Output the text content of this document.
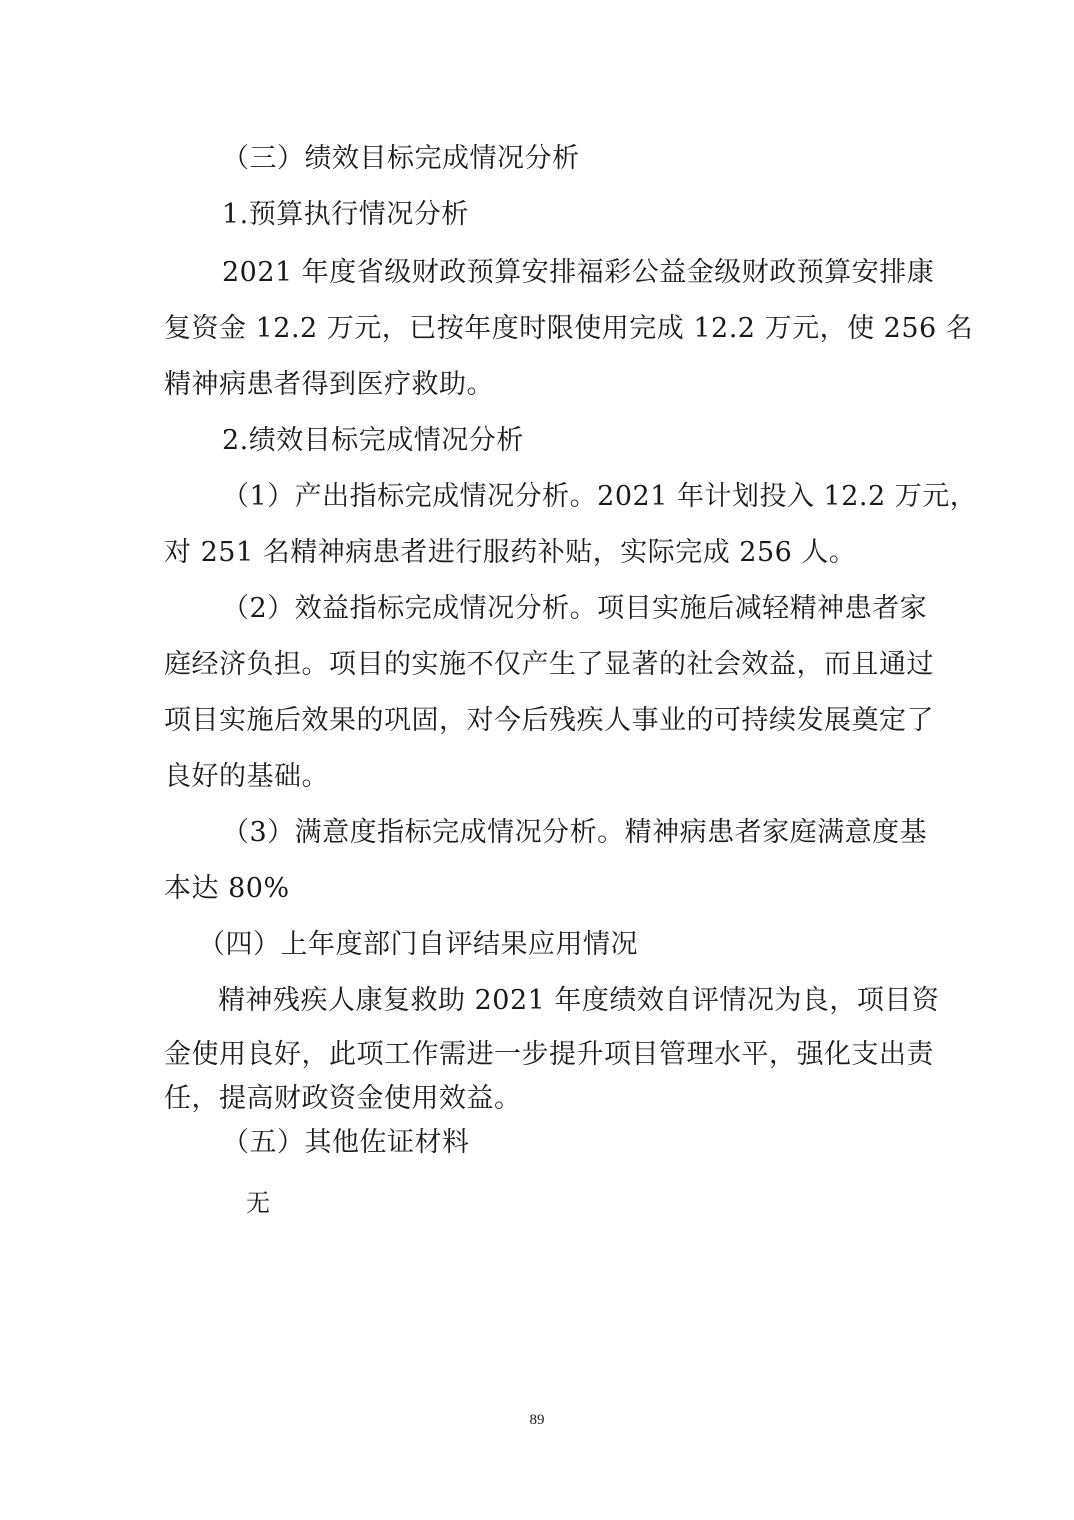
（三）绩效目标完成情况分析
1.预算执行情况分析
2021 年度省级财政预算安排福彩公益金级财政预算安排康
复资金 12.2 万元，已按年度时限使用完成 12.2 万元，使 256 名
精神病患者得到医疗救助。
2.绩效目标完成情况分析
（1）产出指标完成情况分析。2021 年计划投入 12.2 万元，
对 251 名精神病患者进行服药补贴，实际完成 256 人。
（2）效益指标完成情况分析。项目实施后减轻精神患者家
庭经济负担。项目的实施不仅产生了显著的社会效益，而且通过
项目实施后效果的巩固，对今后残疾人事业的可持续发展奠定了
良好的基础。
（3）满意度指标完成情况分析。精神病患者家庭满意度基
本达 80%
（四）上年度部门自评结果应用情况
精神残疾人康复救助 2021 年度绩效自评情况为良，项目资
金使用良好，此项工作需进一步提升项目管理水平，强化支出责
任，提高财政资金使用效益。
（五）其他佐证材料
无
89
